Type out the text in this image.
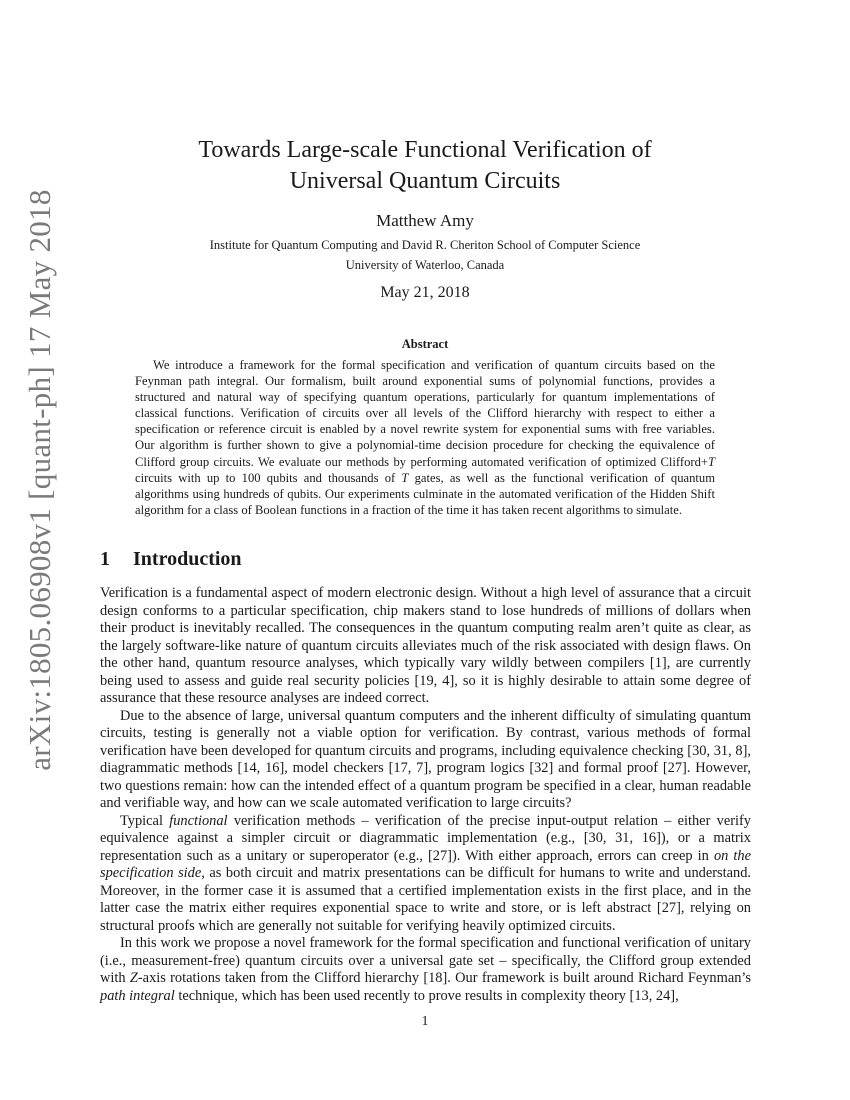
arXiv:1805.06908v1 [quant-ph] 17 May 2018
Towards Large-scale Functional Verification of
Universal Quantum Circuits
Matthew Amy
Institute for Quantum Computing and David R. Cheriton School of Computer Science
University of Waterloo, Canada
May 21, 2018
Abstract

We introduce a framework for the formal specification and verification of quantum circuits based on the Feynman path integral. Our formalism, built around exponential sums of polynomial functions, provides a structured and natural way of specifying quantum operations, particularly for quantum implementations of classical functions. Verification of circuits over all levels of the Clifford hierarchy with respect to either a specification or reference circuit is enabled by a novel rewrite system for exponential sums with free variables. Our algorithm is further shown to give a polynomial-time decision procedure for checking the equivalence of Clifford group circuits. We evaluate our methods by performing automated verification of optimized Clifford+T circuits with up to 100 qubits and thousands of T gates, as well as the functional verification of quantum algorithms using hundreds of qubits. Our experiments culminate in the automated verification of the Hidden Shift algorithm for a class of Boolean functions in a fraction of the time it has taken recent algorithms to simulate.

1 Introduction

Verification is a fundamental aspect of modern electronic design. Without a high level of assurance that a circuit design conforms to a particular specification, chip makers stand to lose hundreds of millions of dollars when their product is inevitably recalled. The consequences in the quantum computing realm aren’t quite as clear, as the largely software-like nature of quantum circuits alleviates much of the risk associated with design flaws. On the other hand, quantum resource analyses, which typically vary wildly between compilers [1], are currently being used to assess and guide real security policies [19, 4], so it is highly desirable to attain some degree of assurance that these resource analyses are indeed correct.

Due to the absence of large, universal quantum computers and the inherent difficulty of simulating quantum circuits, testing is generally not a viable option for verification. By contrast, various methods of formal verification have been developed for quantum circuits and programs, including equivalence checking [30, 31, 8], diagrammatic methods [14, 16], model checkers [17, 7], program logics [32] and formal proof [27]. However, two questions remain: how can the intended effect of a quantum program be specified in a clear, human readable and verifiable way, and how can we scale automated verification to large circuits?

Typical functional verification methods – verification of the precise input-output relation – either verify equivalence against a simpler circuit or diagrammatic implementation (e.g., [30, 31, 16]), or a matrix representation such as a unitary or superoperator (e.g., [27]). With either approach, errors can creep in on the specification side, as both circuit and matrix presentations can be difficult for humans to write and understand. Moreover, in the former case it is assumed that a certified implementation exists in the first place, and in the latter case the matrix either requires exponential space to write and store, or is left abstract [27], relying on structural proofs which are generally not suitable for verifying heavily optimized circuits.

In this work we propose a novel framework for the formal specification and functional verification of unitary (i.e., measurement-free) quantum circuits over a universal gate set – specifically, the Clifford group extended with Z-axis rotations taken from the Clifford hierarchy [18]. Our framework is built around Richard Feynman’s path integral technique, which has been used recently to prove results in complexity theory [13, 24],

1
